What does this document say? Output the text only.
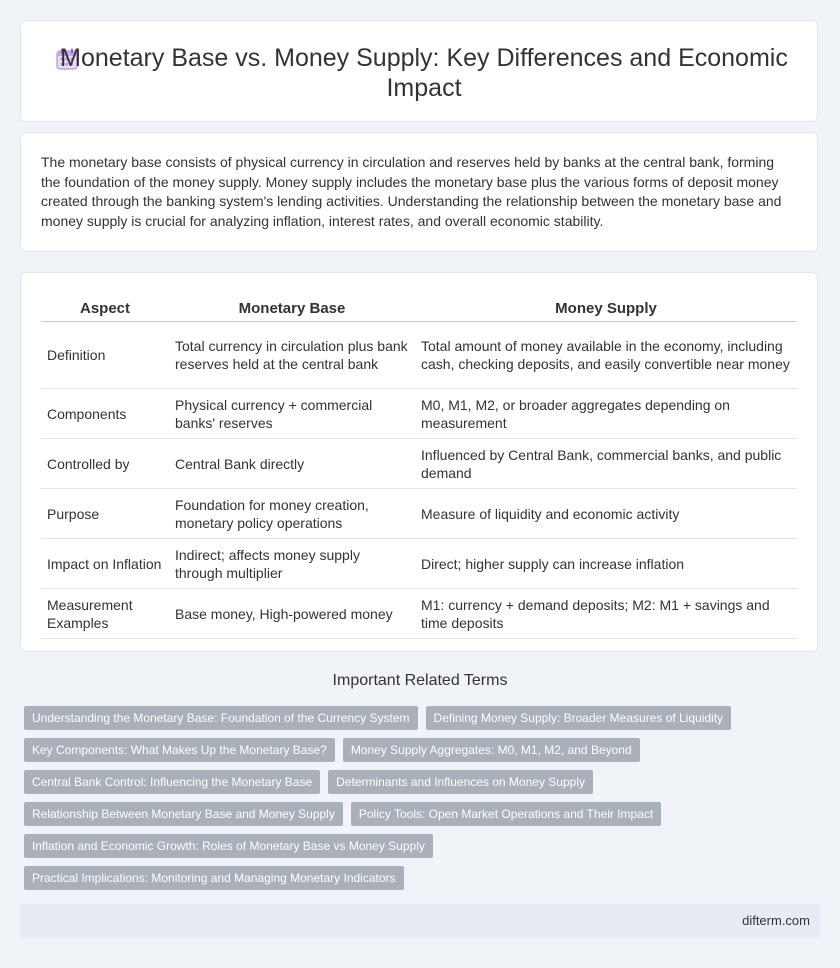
Monetary Base vs. Money Supply: Key Differences and Economic Impact

The monetary base consists of physical currency in circulation and reserves held by banks at the central bank, forming the foundation of the money supply. Money supply includes the monetary base plus the various forms of deposit money created through the banking system's lending activities. Understanding the relationship between the monetary base and money supply is crucial for analyzing inflation, interest rates, and overall economic stability.

Aspect	Monetary Base	Money Supply
Definition	Total currency in circulation plus bank reserves held at the central bank	Total amount of money available in the economy, including cash, checking deposits, and easily convertible near money
Components	Physical currency + commercial banks' reserves	M0, M1, M2, or broader aggregates depending on measurement
Controlled by	Central Bank directly	Influenced by Central Bank, commercial banks, and public demand
Purpose	Foundation for money creation, monetary policy operations	Measure of liquidity and economic activity
Impact on Inflation	Indirect; affects money supply through multiplier	Direct; higher supply can increase inflation
Measurement Examples	Base money, High-powered money	M1: currency + demand deposits; M2: M1 + savings and time deposits
Important Related Terms
Understanding the Monetary Base: Foundation of the Currency System	Defining Money Supply: Broader Measures of Liquidity
Key Components: What Makes Up the Monetary Base?	Money Supply Aggregates: M0, M1, M2, and Beyond
Central Bank Control: Influencing the Monetary Base	Determinants and Influences on Money Supply
Relationship Between Monetary Base and Money Supply	Policy Tools: Open Market Operations and Their Impact
Inflation and Economic Growth: Roles of Monetary Base vs Money Supply
Practical Implications: Monitoring and Managing Monetary Indicators
difterm.com
